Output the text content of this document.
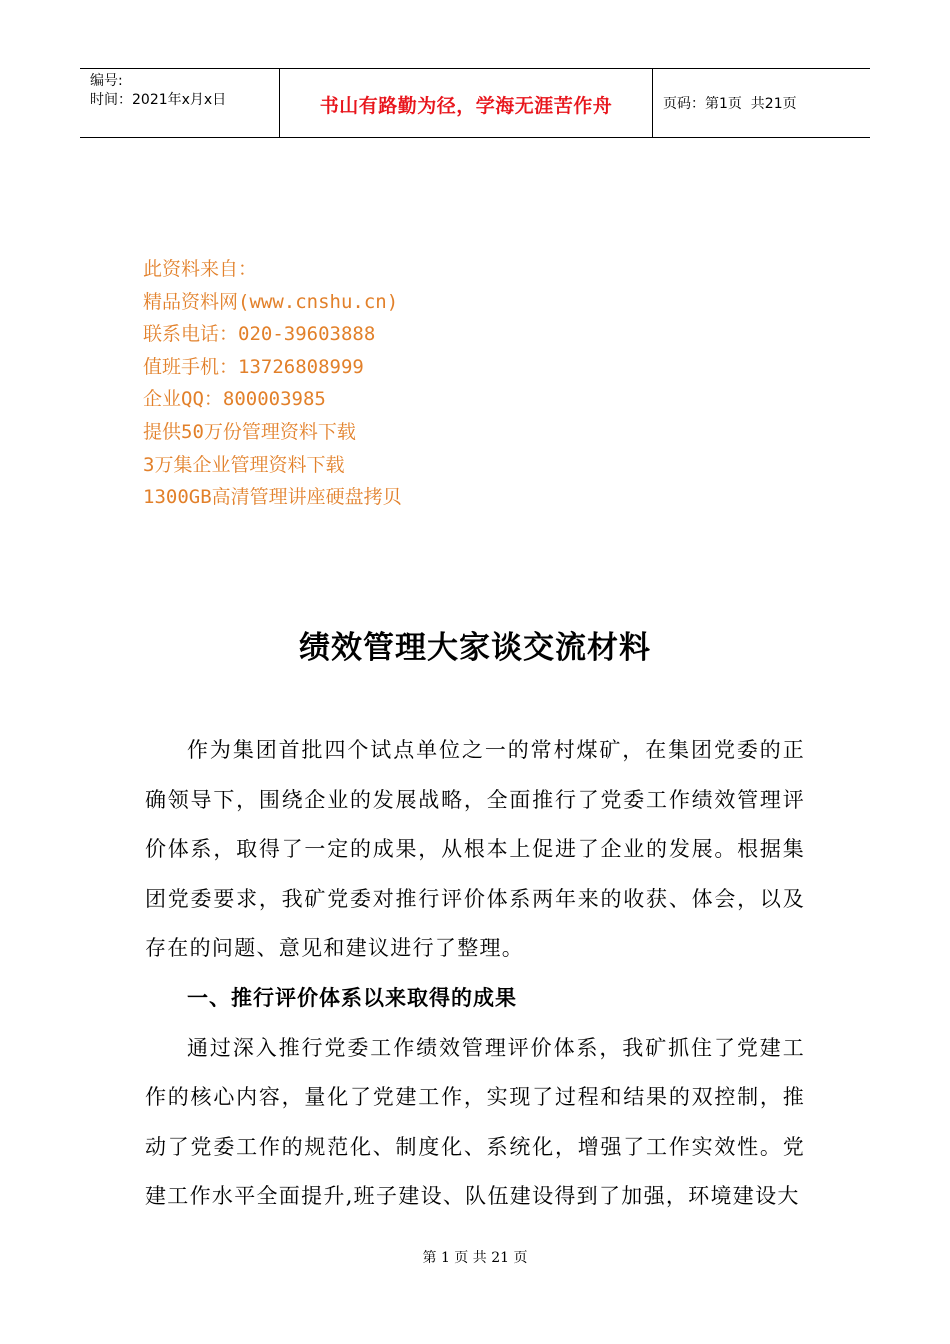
编号:
时间：2021年x月x日	书山有路勤为径，学海无涯苦作舟	页码：第1页  共21页
此资料来自：
精品资料网(www.cnshu.cn)
联系电话：020-39603888
值班手机：13726808999
企业QQ：800003985
提供50万份管理资料下载
3万集企业管理资料下载
1300GB高清管理讲座硬盘拷贝
绩效管理大家谈交流材料

作为集团首批四个试点单位之一的常村煤矿，在集团党委的正确领导下，围绕企业的发展战略，全面推行了党委工作绩效管理评价体系，取得了一定的成果，从根本上促进了企业的发展。根据集团党委要求，我矿党委对推行评价体系两年来的收获、体会，以及存在的问题、意见和建议进行了整理。

一、推行评价体系以来取得的成果

通过深入推行党委工作绩效管理评价体系，我矿抓住了党建工作的核心内容，量化了党建工作，实现了过程和结果的双控制，推动了党委工作的规范化、制度化、系统化，增强了工作实效性。党建工作水平全面提升,班子建设、队伍建设得到了加强，环境建设大

第 1 页 共 21 页
